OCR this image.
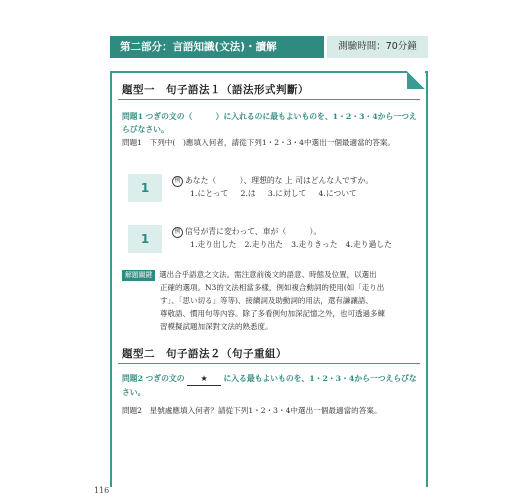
第二部分：言語知識(文法)・讀解	測驗時間：70分鐘
題型一　句子語法１（語法形式判斷）
問題1 つぎの文の（　　　）に入れるのに最もよいものを、1・2・3・4から一つえらびなさい。
問題1　下列中(　)應填入何者，請從下列1・2・3・4中選出一個最適當的答案。
1	例 あなた（　　　）、理想的な 上 司はどんな人ですか。
1.にとって 2.は 3.に対して 4.について
1	例 信号が青に変わって、車が（　　　）。
1.走り出した 2.走り出た 3.走りきった 4.走り過した
解題關鍵 選出合乎語意之文法。需注意前後文的語意、時態及位置，以選出
正確的選項。N3的文法相當多樣，例如複合動詞的使用(如「走り出
す」、「思い切る」等等)、接續詞及助動詞的用法，還有謙讓語、
尊敬語、慣用句等內容。除了多看例句加深記憶之外，也可透過多練
習模擬試題加深對文法的熟悉度。
題型二　句子語法２（句子重組）
問題2 つぎの文の ★ に入る最もよいものを、1・2・3・4から一つえらびなさい。
問題2　星號處應填入何者？請從下列1・2・3・4中選出一個最適當的答案。
116
